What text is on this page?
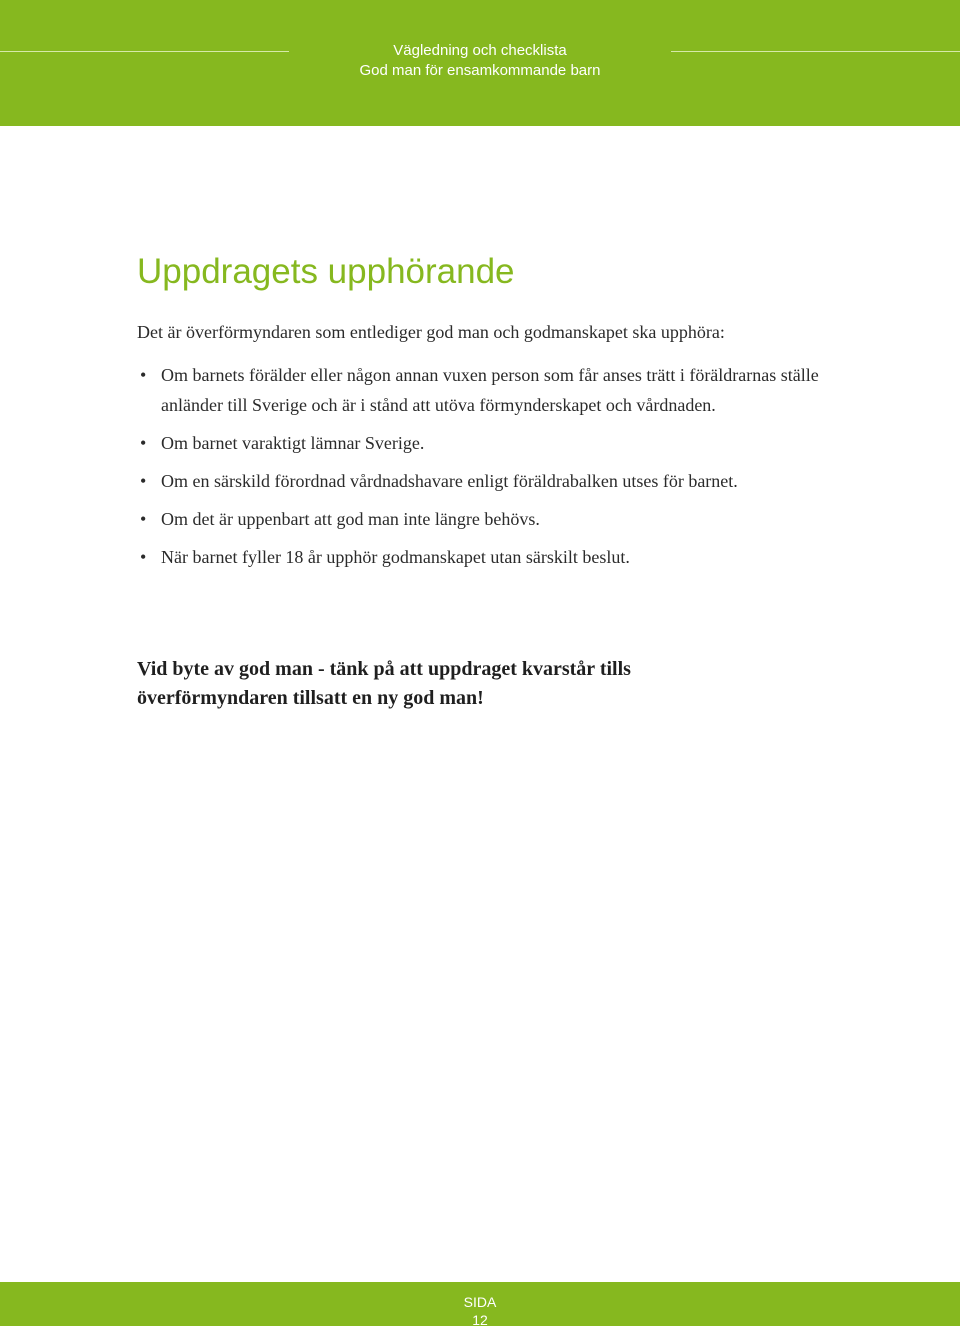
Vägledning och checklista
God man för ensamkommande barn
Uppdragets upphörande

Det är överförmyndaren som entlediger god man och godmanskapet ska upphöra:

• Om barnets förälder eller någon annan vuxen person som får anses trätt i föräldrarnas ställe anländer till Sverige och är i stånd att utöva förmynderskapet och vårdnaden.
• Om barnet varaktigt lämnar Sverige.
• Om en särskild förordnad vårdnadshavare enligt föräldrabalken utses för barnet.
• Om det är uppenbart att god man inte längre behövs.
• När barnet fyller 18 år upphör godmanskapet utan särskilt beslut.

Vid byte av god man - tänk på att uppdraget kvarstår tills överförmyndaren tillsatt en ny god man!

SIDA
12
